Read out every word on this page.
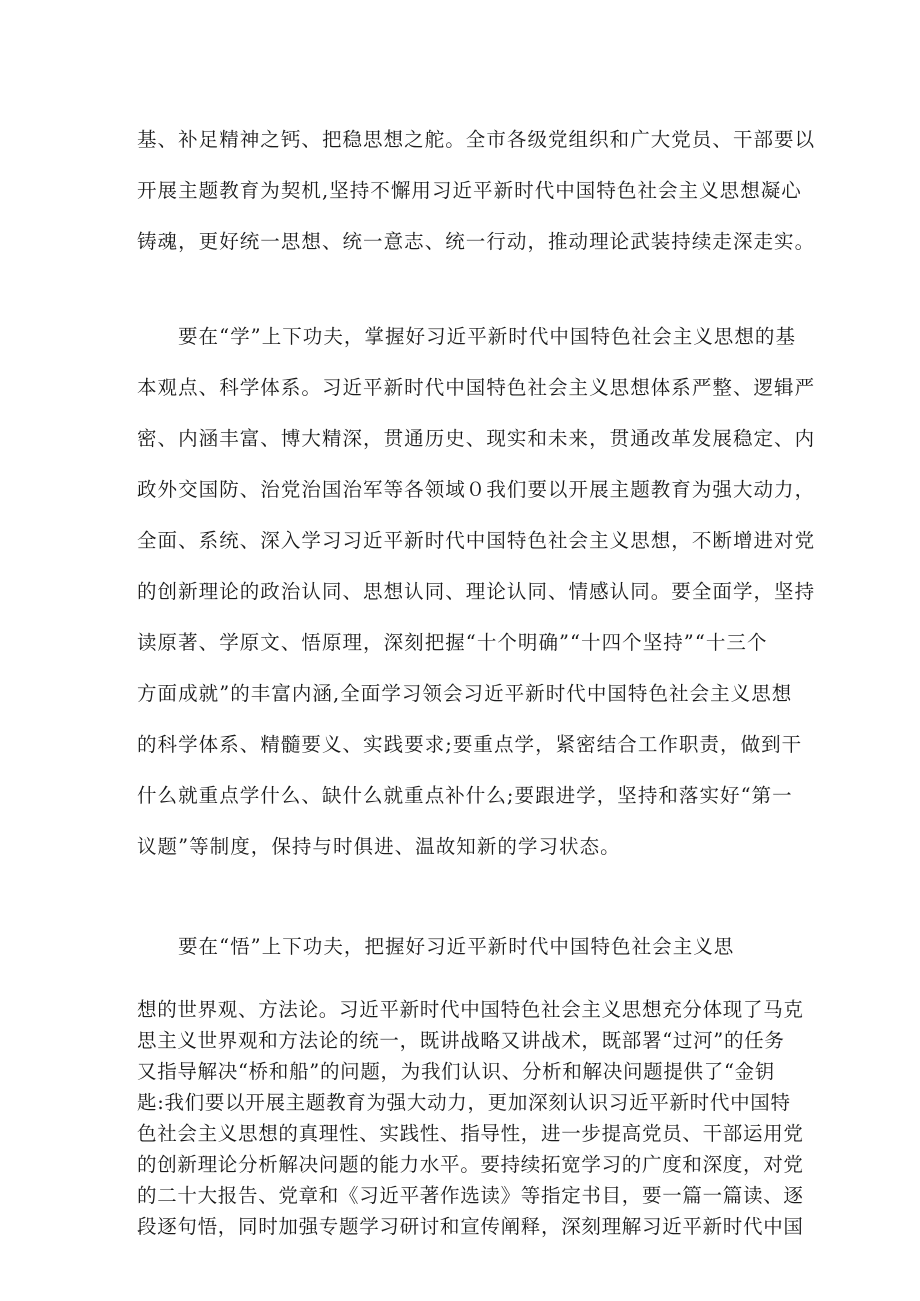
基、补足精神之钙、把稳思想之舵。全市各级党组织和广大党员、干部要以

开展主题教育为契机,坚持不懈用习近平新时代中国特色社会主义思想凝心

铸魂，更好统一思想、统一意志、统一行动，推动理论武装持续走深走实。

要在“学”上下功夫，掌握好习近平新时代中国特色社会主义思想的基

本观点、科学体系。习近平新时代中国特色社会主义思想体系严整、逻辑严

密、内涵丰富、博大精深，贯通历史、现实和未来，贯通改革发展稳定、内

政外交国防、治党治国治军等各领域０我们要以开展主题教育为强大动力，

全面、系统、深入学习习近平新时代中国特色社会主义思想，不断增进对党

的创新理论的政治认同、思想认同、理论认同、情感认同。要全面学，坚持

读原著、学原文、悟原理，深刻把握“十个明确”“十四个坚持”“十三个

方面成就”的丰富内涵,全面学习领会习近平新时代中国特色社会主义思想

的科学体系、精髓要义、实践要求;要重点学，紧密结合工作职责，做到干

什么就重点学什么、缺什么就重点补什么;要跟进学，坚持和落实好“第一

议题”等制度，保持与时俱进、温故知新的学习状态。

要在“悟”上下功夫，把握好习近平新时代中国特色社会主义思

想的世界观、方法论。习近平新时代中国特色社会主义思想充分体现了马克

思主义世界观和方法论的统一，既讲战略又讲战术，既部署“过河”的任务

又指导解决“桥和船”的问题，为我们认识、分析和解决问题提供了“金钥

匙:我们要以开展主题教育为强大动力，更加深刻认识习近平新时代中国特

色社会主义思想的真理性、实践性、指导性，进一步提高党员、干部运用党

的创新理论分析解决问题的能力水平。要持续拓宽学习的广度和深度，对党

的二十大报告、党章和《习近平著作选读》等指定书目，要一篇一篇读、逐

段逐句悟，同时加强专题学习研讨和宣传阐释，深刻理解习近平新时代中国
